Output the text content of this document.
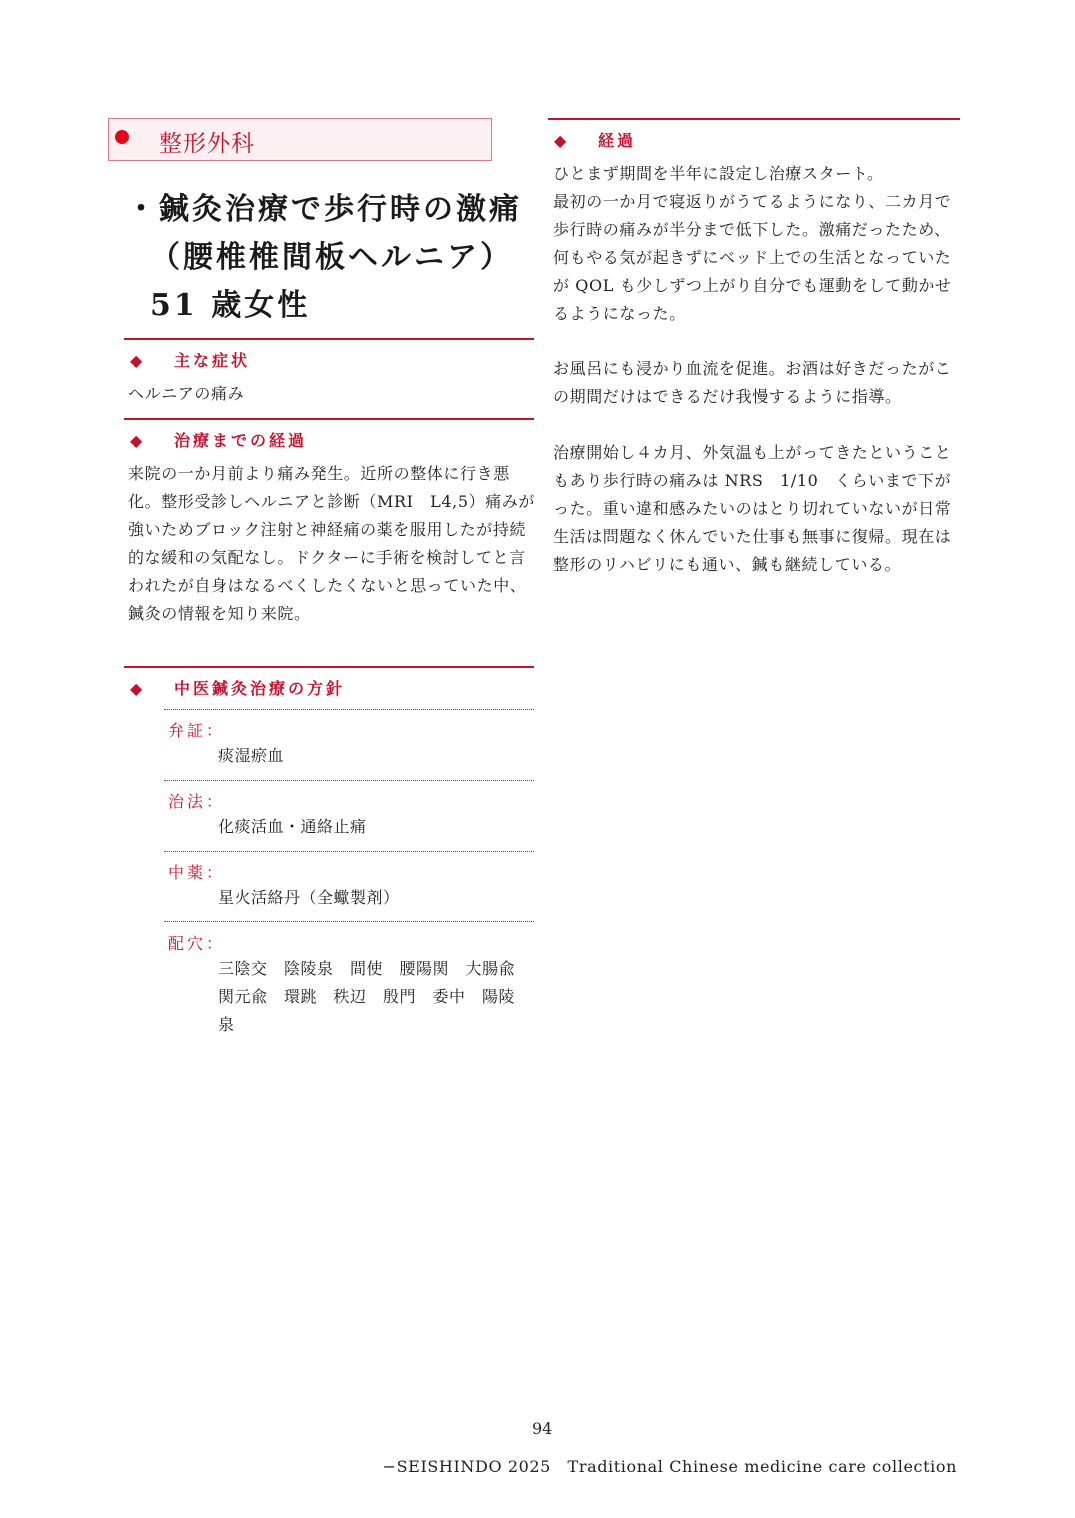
整形外科
・鍼灸治療で歩行時の激痛
（腰椎椎間板ヘルニア）
51 歳女性
◆ 主な症状
ヘルニアの痛み
◆ 治療までの経過
来院の一か月前より痛み発生。近所の整体に行き悪
化。整形受診しヘルニアと診断（MRI　L4,5）痛みが
強いためブロック注射と神経痛の薬を服用したが持続
的な緩和の気配なし。ドクターに手術を検討してと言
われたが自身はなるべくしたくないと思っていた中、
鍼灸の情報を知り来院。
◆ 中医鍼灸治療の方針
弁証：
痰湿瘀血
治法：
化痰活血・通絡止痛
中薬：
星火活絡丹（全蠍製剤）
配穴：
三陰交　陰陵泉　間使　腰陽関　大腸兪
関元兪　環跳　秩辺　殷門　委中　陽陵
泉
◆ 経過
ひとまず期間を半年に設定し治療スタート。
最初の一か月で寝返りがうてるようになり、二カ月で
歩行時の痛みが半分まで低下した。激痛だったため、
何もやる気が起きずにベッド上での生活となっていた
が QOL も少しずつ上がり自分でも運動をして動かせ
るようになった。
お風呂にも浸かり血流を促進。お酒は好きだったがこ
の期間だけはできるだけ我慢するように指導。
治療開始し４カ月、外気温も上がってきたということ
もあり歩行時の痛みは NRS　1/10　くらいまで下が
った。重い違和感みたいのはとり切れていないが日常
生活は問題なく休んでいた仕事も無事に復帰。現在は
整形のリハビリにも通い、鍼も継続している。
94
−SEISHINDO 2025　Traditional Chinese medicine care collection
